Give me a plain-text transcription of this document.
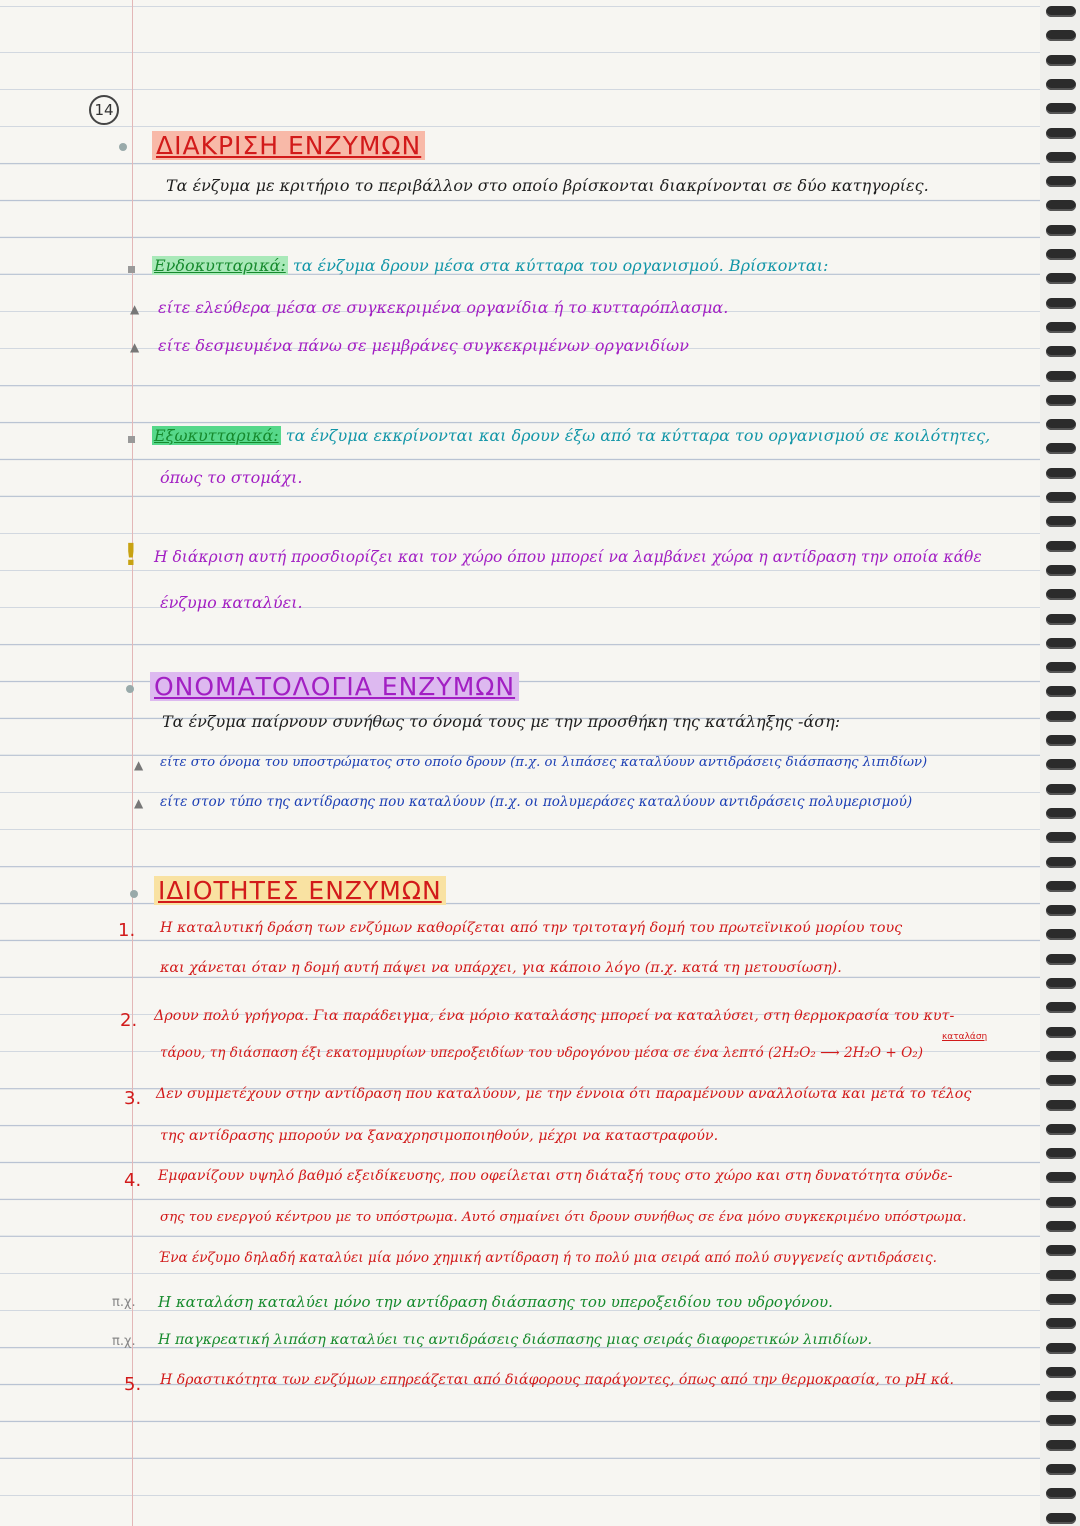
14
ΔΙΑΚΡΙΣΗ ΕΝΖΥΜΩΝ
Τα ένζυμα με κριτήριο το περιβάλλον στο οποίο βρίσκονται διακρίνονται σε δύο κατηγορίες.
Ενδοκυτταρικά: τα ένζυμα δρουν μέσα στα κύτταρα του οργανισμού. Βρίσκονται:
▲ είτε ελεύθερα μέσα σε συγκεκριμένα οργανίδια ή το κυτταρόπλασμα.
▲ είτε δεσμευμένα πάνω σε μεμβράνες συγκεκριμένων οργανιδίων
Εξωκυτταρικά: τα ένζυμα εκκρίνονται και δρουν έξω από τα κύτταρα του οργανισμού σε κοιλότητες,
όπως το στομάχι.
! Η διάκριση αυτή προσδιορίζει και τον χώρο όπου μπορεί να λαμβάνει χώρα η αντίδραση την οποία κάθε
ένζυμο καταλύει.
ΟΝΟΜΑΤΟΛΟΓΙΑ ΕΝΖΥΜΩΝ
Τα ένζυμα παίρνουν συνήθως το όνομά τους με την προσθήκη της κατάληξης -άση:
▲ είτε στο όνομα του υποστρώματος στο οποίο δρουν (π.χ. οι λιπάσες καταλύουν αντιδράσεις διάσπασης λιπιδίων)
▲ είτε στον τύπο της αντίδρασης που καταλύουν (π.χ. οι πολυμεράσες καταλύουν αντιδράσεις πολυμερισμού)
ΙΔΙΟΤΗΤΕΣ ΕΝΖΥΜΩΝ
1. Η καταλυτική δράση των ενζύμων καθορίζεται από την τριτοταγή δομή του πρωτεϊνικού μορίου τους
και χάνεται όταν η δομή αυτή πάψει να υπάρχει, για κάποιο λόγο (π.χ. κατά τη μετουσίωση).
2. Δρουν πολύ γρήγορα. Για παράδειγμα, ένα μόριο καταλάσης μπορεί να καταλύσει, στη θερμοκρασία του κυτ-
τάρου, τη διάσπαση έξι εκατομμυρίων υπεροξειδίων του υδρογόνου μέσα σε ένα λεπτό (2H₂O₂ ⟶ 2H₂O + O₂)
καταλάση
3. Δεν συμμετέχουν στην αντίδραση που καταλύουν, με την έννοια ότι παραμένουν αναλλοίωτα και μετά το τέλος
της αντίδρασης μπορούν να ξαναχρησιμοποιηθούν, μέχρι να καταστραφούν.
4. Εμφανίζουν υψηλό βαθμό εξειδίκευσης, που οφείλεται στη διάταξή τους στο χώρο και στη δυνατότητα σύνδε-
σης του ενεργού κέντρου με το υπόστρωμα. Αυτό σημαίνει ότι δρουν συνήθως σε ένα μόνο συγκεκριμένο υπόστρωμα.
Ένα ένζυμο δηλαδή καταλύει μία μόνο χημική αντίδραση ή το πολύ μια σειρά από πολύ συγγενείς αντιδράσεις.
π.χ. Η καταλάση καταλύει μόνο την αντίδραση διάσπασης του υπεροξειδίου του υδρογόνου.
π.χ. Η παγκρεατική λιπάση καταλύει τις αντιδράσεις διάσπασης μιας σειράς διαφορετικών λιπιδίων.
5. Η δραστικότητα των ενζύμων επηρεάζεται από διάφορους παράγοντες, όπως από την θερμοκρασία, το pH κά.
